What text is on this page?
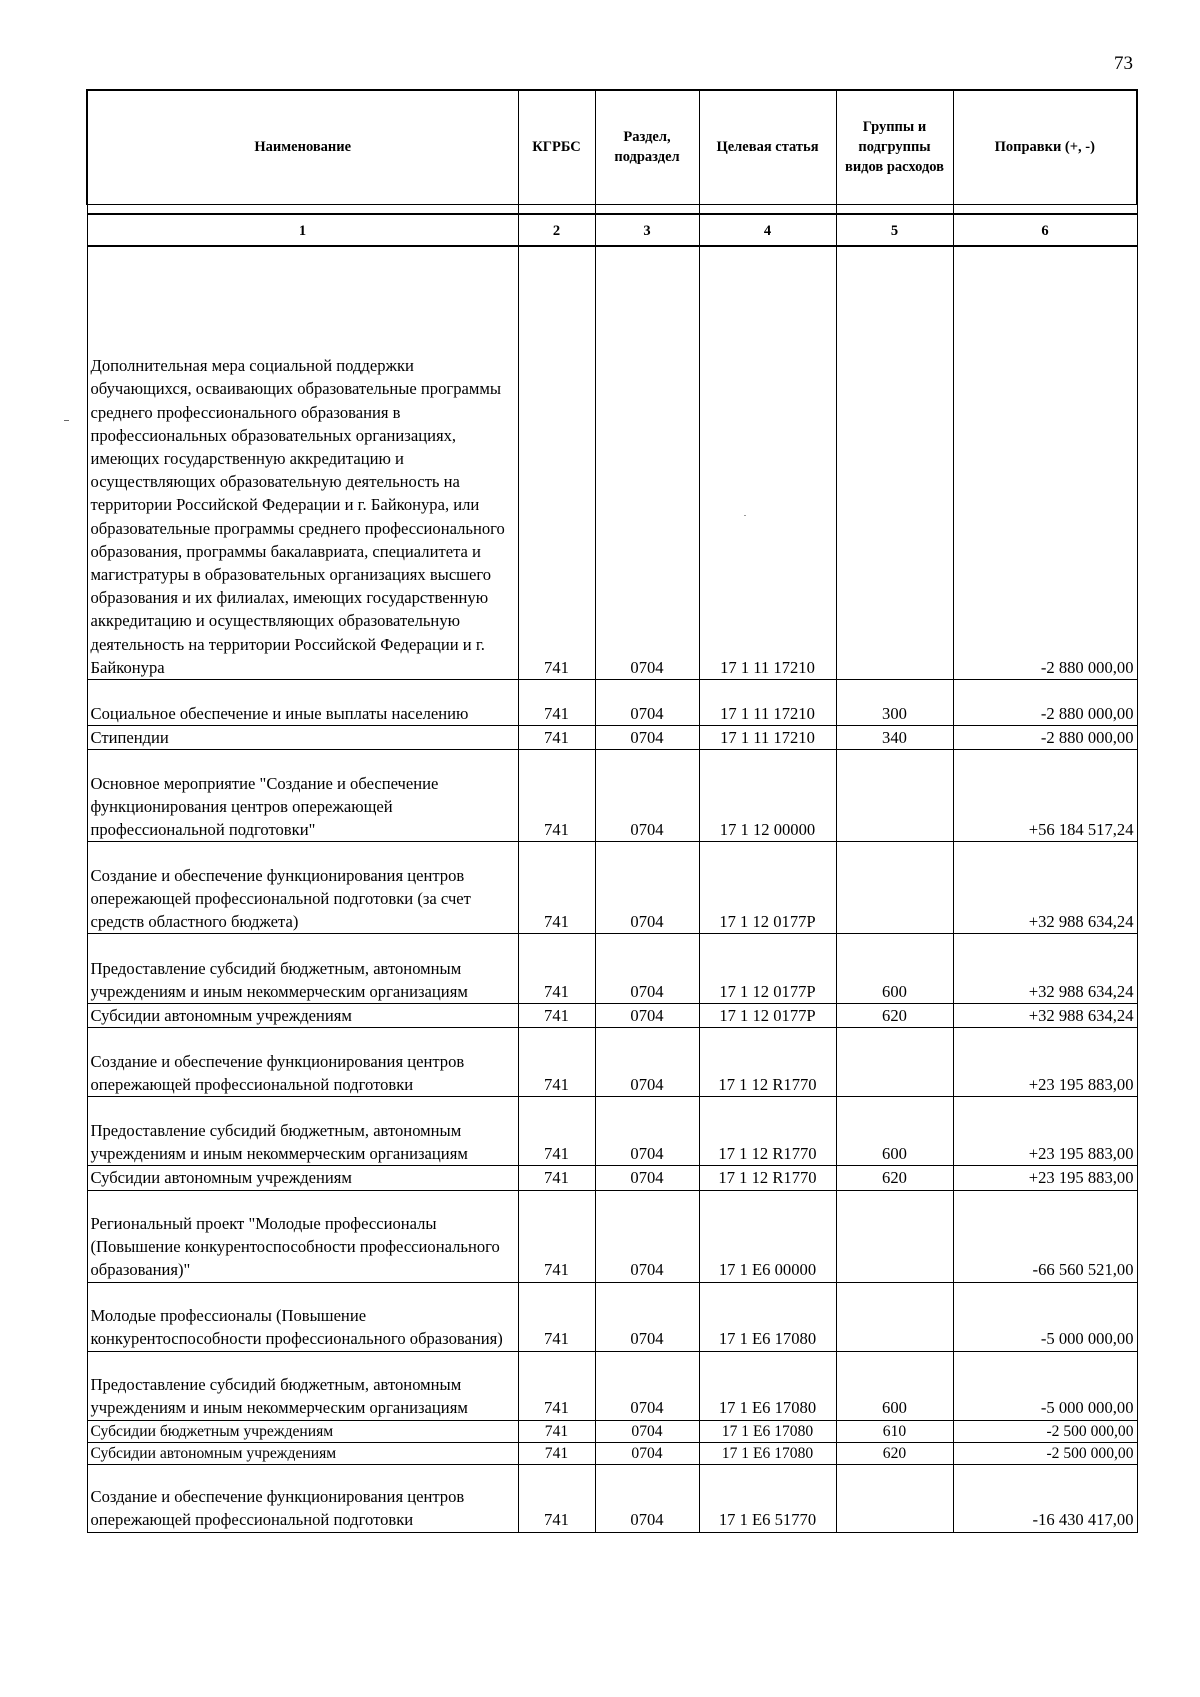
73
Наименование	КГРБС	Раздел, подраздел	Целевая статья	Группы и подгруппы видов расходов	Поправки (+, -)

1	2	3	4	5	6
Дополнительная мера социальной поддержки обучающихся, осваивающих образовательные программы среднего профессионального образования в профессиональных образовательных организациях, имеющих государственную аккредитацию и осуществляющих образовательную деятельность на территории Российской Федерации и г. Байконура, или образовательные программы среднего профессионального образования, программы бакалавриата, специалитета и магистратуры в образовательных организациях высшего образования и их филиалах, имеющих государственную аккредитацию и осуществляющих образовательную деятельность на территории Российской Федерации и г. Байконура	741	0704	17 1 11 17210		-2 880 000,00
Социальное обеспечение и иные выплаты населению	741	0704	17 1 11 17210	300	-2 880 000,00
Стипендии	741	0704	17 1 11 17210	340	-2 880 000,00
Основное мероприятие "Создание и обеспечение функционирования центров опережающей профессиональной подготовки"	741	0704	17 1 12 00000		+56 184 517,24
Создание и обеспечение функционирования центров опережающей профессиональной подготовки (за счет средств областного бюджета)	741	0704	17 1 12 0177Р		+32 988 634,24
Предоставление субсидий бюджетным, автономным учреждениям и иным некоммерческим организациям	741	0704	17 1 12 0177Р	600	+32 988 634,24
Субсидии автономным учреждениям	741	0704	17 1 12 0177Р	620	+32 988 634,24
Создание и обеспечение функционирования центров опережающей профессиональной подготовки	741	0704	17 1 12 R1770		+23 195 883,00
Предоставление субсидий бюджетным, автономным учреждениям и иным некоммерческим организациям	741	0704	17 1 12 R1770	600	+23 195 883,00
Субсидии автономным учреждениям	741	0704	17 1 12 R1770	620	+23 195 883,00
Региональный проект "Молодые профессионалы (Повышение конкурентоспособности профессионального образования)"	741	0704	17 1 E6 00000		-66 560 521,00
Молодые профессионалы (Повышение конкурентоспособности профессионального образования)	741	0704	17 1 E6 17080		-5 000 000,00
Предоставление субсидий бюджетным, автономным учреждениям и иным некоммерческим организациям	741	0704	17 1 E6 17080	600	-5 000 000,00
Субсидии бюджетным учреждениям	741	0704	17 1 E6 17080	610	-2 500 000,00
Субсидии автономным учреждениям	741	0704	17 1 E6 17080	620	-2 500 000,00
Создание и обеспечение функционирования центров опережающей профессиональной подготовки	741	0704	17 1 E6 51770		-16 430 417,00
